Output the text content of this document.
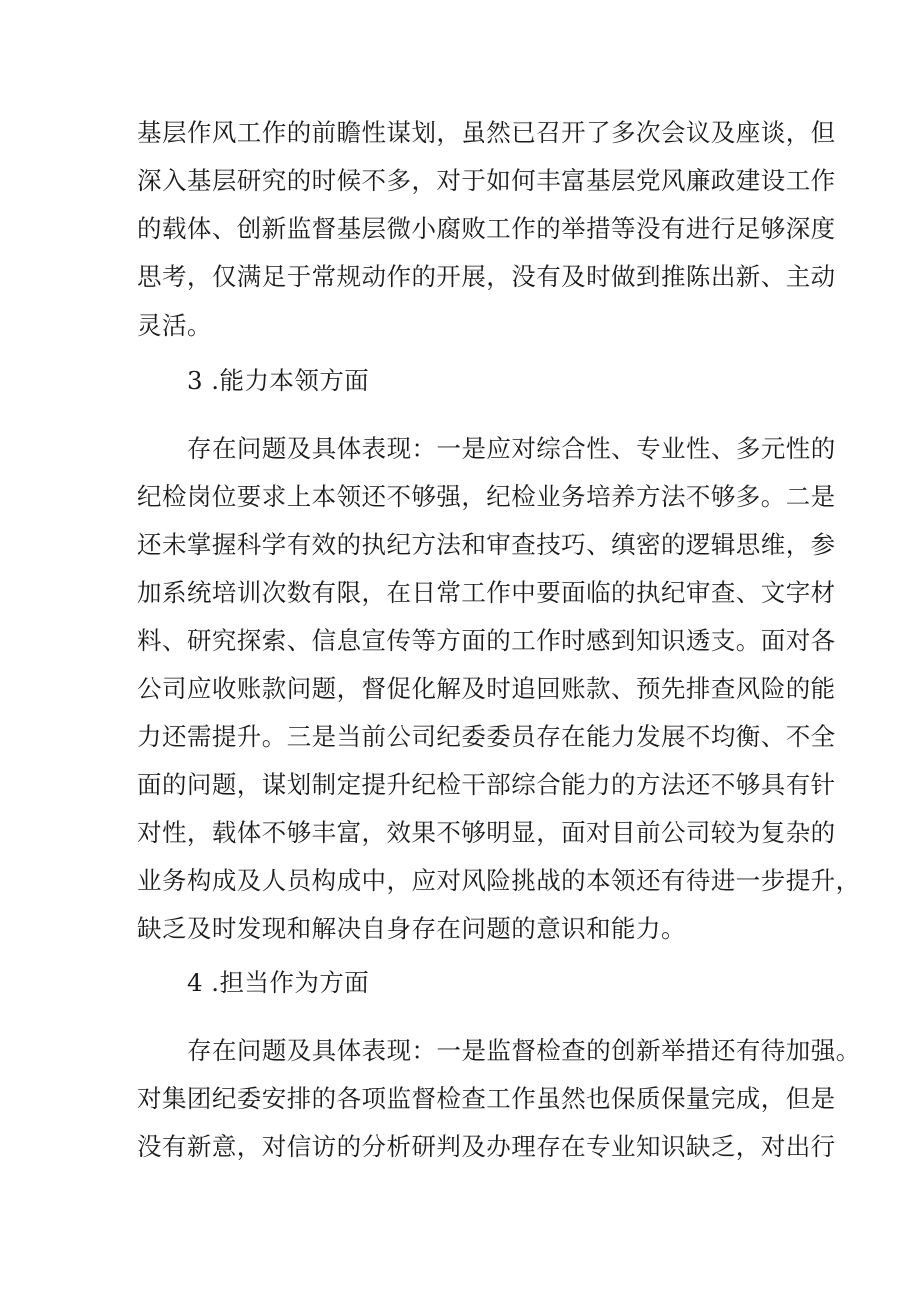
基层作风工作的前瞻性谋划，虽然已召开了多次会议及座谈，但
深入基层研究的时候不多，对于如何丰富基层党风廉政建设工作
的载体、创新监督基层微小腐败工作的举措等没有进行足够深度
思考，仅满足于常规动作的开展，没有及时做到推陈出新、主动
灵活。
3 .能力本领方面
存在问题及具体表现：一是应对综合性、专业性、多元性的
纪检岗位要求上本领还不够强，纪检业务培养方法不够多。二是
还未掌握科学有效的执纪方法和审查技巧、缜密的逻辑思维，参
加系统培训次数有限，在日常工作中要面临的执纪审查、文字材
料、研究探索、信息宣传等方面的工作时感到知识透支。面对各
公司应收账款问题，督促化解及时追回账款、预先排查风险的能
力还需提升。三是当前公司纪委委员存在能力发展不均衡、不全
面的问题，谋划制定提升纪检干部综合能力的方法还不够具有针
对性，载体不够丰富，效果不够明显，面对目前公司较为复杂的
业务构成及人员构成中，应对风险挑战的本领还有待进一步提升，
缺乏及时发现和解决自身存在问题的意识和能力。
4 .担当作为方面
存在问题及具体表现：一是监督检查的创新举措还有待加强。
对集团纪委安排的各项监督检查工作虽然也保质保量完成，但是
没有新意，对信访的分析研判及办理存在专业知识缺乏，对出行
